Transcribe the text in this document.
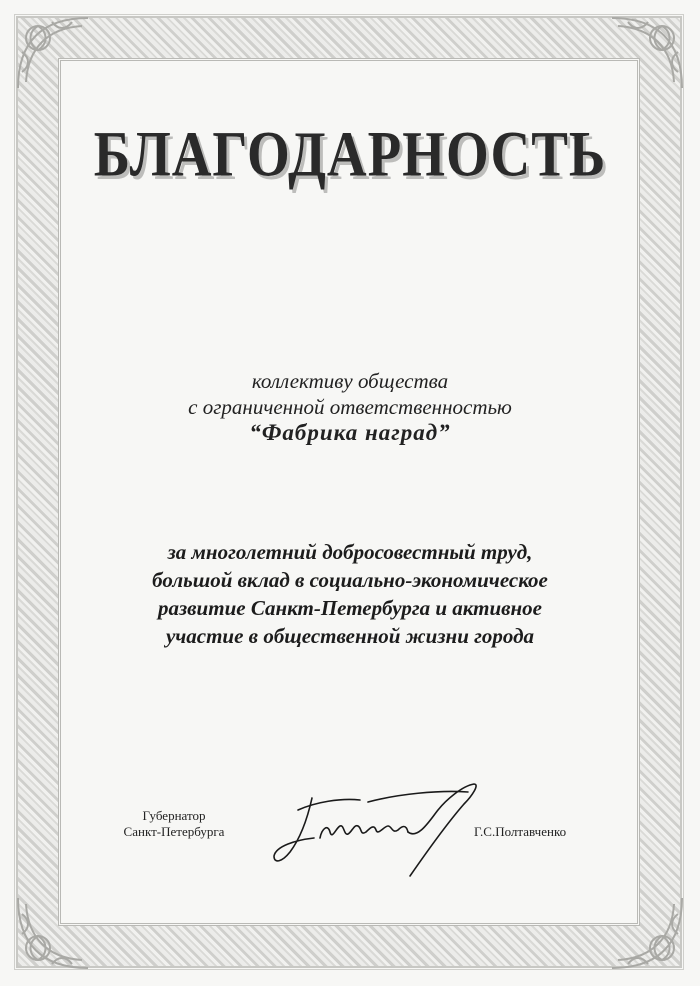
БЛАГОДАРНОСТЬ
коллективу общества
с ограниченной ответственностью
“Фабрика наград”
за многолетний добросовестный труд,
большой вклад в социально-экономическое
развитие Санкт-Петербурга и активное
участие в общественной жизни города
Губернатор
Санкт-Петербурга	Г.С.Полтавченко
